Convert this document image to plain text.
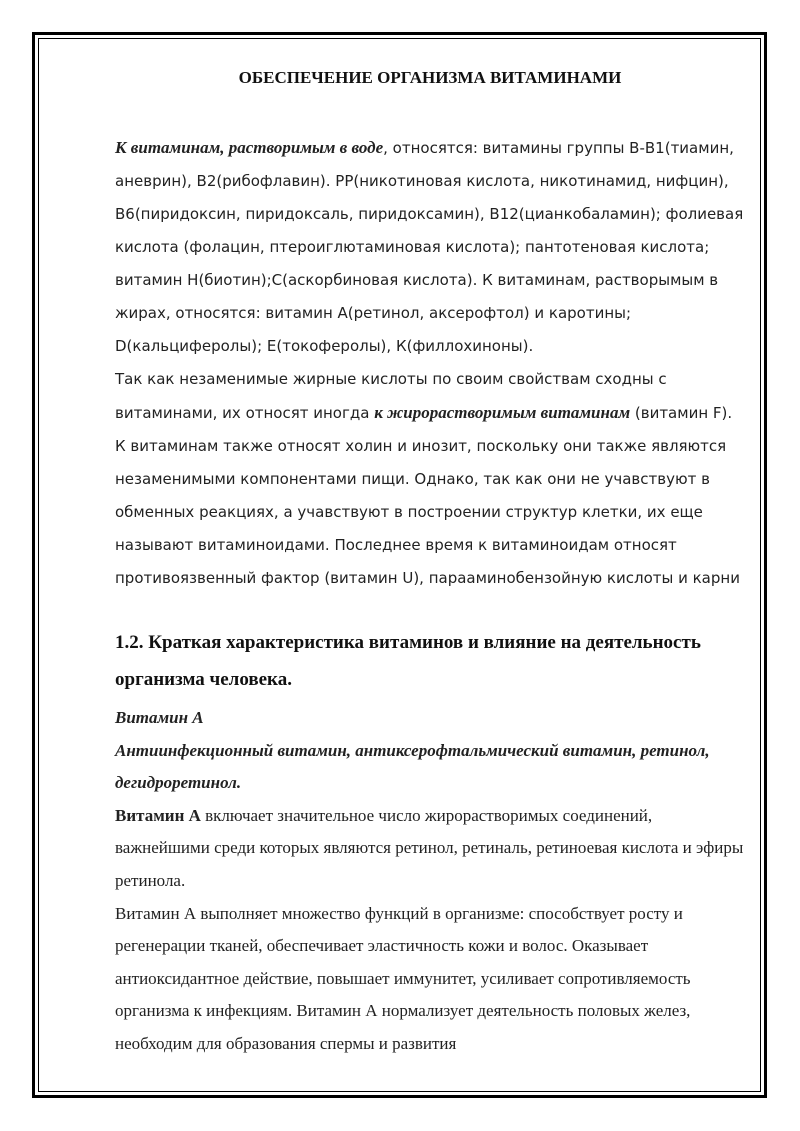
ОБЕСПЕЧЕНИЕ ОРГАНИЗМА ВИТАМИНАМИ

К витаминам, растворимым в воде, относятся: витамины группы В-В1(тиамин, аневрин), В2(рибофлавин). РР(никотиновая кислота, никотинамид, нифцин), В6(пиридоксин, пиридоксаль, пиридоксамин), В12(цианкобаламин); фолиевая кислота (фолацин, птероиглютаминовая кислота); пантотеновая кислота; витамин Н(биотин);С(аскорбиновая кислота). К витаминам, растворымым в жирах, относятся: витамин А(ретинол, аксерофтол) и каротины; D(кальциферолы); Е(токоферолы), К(филлохиноны).

Так как незаменимые жирные кислоты по своим свойствам сходны с витаминами, их относят иногда к жирорастворимым витаминам (витамин F). К витаминам также относят холин и инозит, поскольку они также являются незаменимыми компонентами пищи. Однако, так как они не учавствуют в обменных реакциях, а учавствуют в построении структур клетки, их еще называют витаминоидами. Последнее время к витаминоидам относят противоязвенный фактор (витамин U), парааминобензойную кислоты и карни

1.2. Краткая характеристика витаминов и влияние на деятельность организма человека.

Витамин А

Антиинфекционный витамин, антиксерофтальмический витамин, ретинол, дегидроретинол.

Витамин А включает значительное число жирорастворимых соединений, важнейшими среди которых являются ретинол, ретиналь, ретиноевая кислота и эфиры ретинола.

Витамин А выполняет множество функций в организме: способствует росту и регенерации тканей, обеспечивает эластичность кожи и волос. Оказывает антиоксидантное действие, повышает иммунитет, усиливает сопротивляемость организма к инфекциям. Витамин А нормализует деятельность половых желез, необходим для образования спермы и развития
